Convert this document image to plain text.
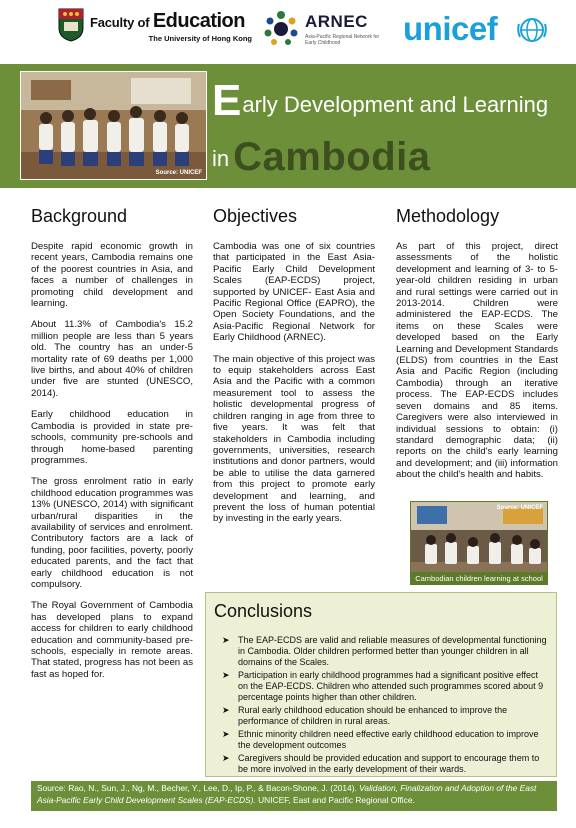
Faculty of Education
The University of Hong Kong
ARNEC
Asia-Pacific Regional Network for Early Childhood	unicef
Source: UNICEF
Early Development and Learning
in Cambodia
Background

Despite rapid economic growth in recent years, Cambodia remains one of the poorest countries in Asia, and faces a number of challenges in promoting child development and learning.

About 11.3% of Cambodia's 15.2 million people are less than 5 years old. The country has an under-5 mortality rate of 69 deaths per 1,000 live births, and about 40% of children under five are stunted (UNESCO, 2014).

Early childhood education in Cambodia is provided in state pre-schools, community pre-schools and through home-based parenting programmes.

The gross enrolment ratio in early childhood education programmes was 13% (UNESCO, 2014) with significant urban/rural disparities in the availability of services and enrolment. Contributory factors are a lack of funding, poor facilities, poverty, poorly educated parents, and the fact that early childhood education is not compulsory.

The Royal Government of Cambodia has developed plans to expand access for children to early childhood education and community-based pre-schools, especially in remote areas. That stated, progress has not been as fast as hoped for.

Objectives

Cambodia was one of six countries that participated in the East Asia-Pacific Early Child Development Scales (EAP-ECDS) project, supported by UNICEF- East Asia and Pacific Regional Office (EAPRO), the Open Society Foundations, and the Asia-Pacific Regional Network for Early Childhood (ARNEC).

The main objective of this project was to equip stakeholders across East Asia and the Pacific with a common measurement tool to assess the holistic developmental progress of children ranging in age from three to five years. It was felt that stakeholders in Cambodia including governments, universities, research institutions and donor partners, would be able to utilise the data garnered from this project to promote early development and learning, and prevent the loss of human potential by investing in the early years.

Methodology

As part of this project, direct assessments of the holistic development and learning of 3- to 5-year-old children residing in urban and rural settings were carried out in 2013-2014. Children were administered the EAP-ECDS. The items on these Scales were developed based on the Early Learning and Development Standards (ELDS) from countries in the East Asia and Pacific Region (including Cambodia) through an iterative process. The EAP-ECDS includes seven domains and 85 items. Caregivers were also interviewed in individual sessions to obtain: (i) standard demographic data; (ii) reports on the child's early learning and development; and (iii) information about the child's health and habits.

Source: UNICEF
Cambodian children learning at school
Conclusions
➤ The EAP-ECDS are valid and reliable measures of developmental functioning in Cambodia. Older children performed better than younger children in all domains of the Scales.
➤ Participation in early childhood programmes had a significant positive effect on the EAP-ECDS. Children who attended such programmes scored about 9 percentage points higher than other children.
➤ Rural early childhood education should be enhanced to improve the performance of children in rural areas.
➤ Ethnic minority children need effective early childhood education to improve the development outcomes
➤ Caregivers should be provided education and support to encourage them to be more involved in the early development of their wards.
Source: Rao, N., Sun, J., Ng, M., Becher, Y., Lee, D., Ip, P., & Bacon-Shone, J. (2014). Validation, Finalization and Adoption of the East Asia-Pacific Early Child Development Scales (EAP-ECDS). UNICEF, East and Pacific Regional Office.
